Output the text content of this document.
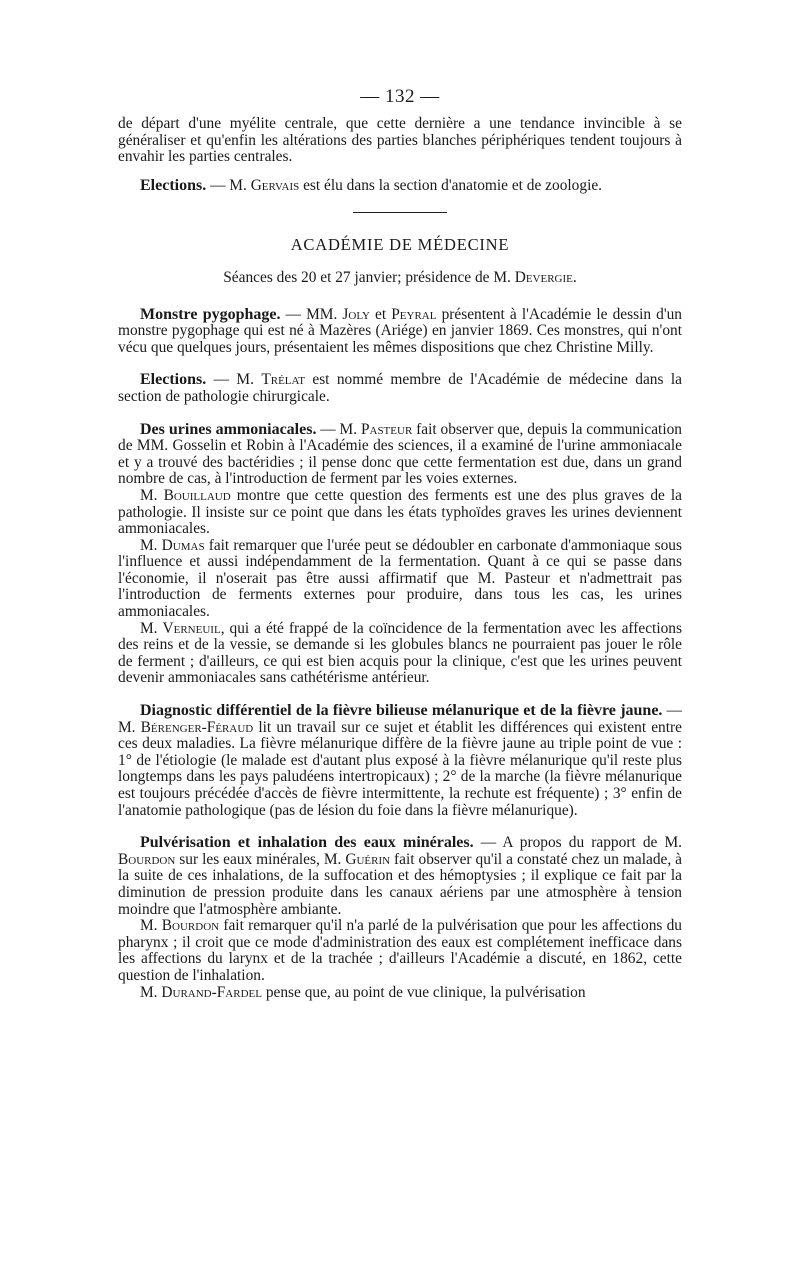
— 132 —

de départ d'une myélite centrale, que cette dernière a une tendance invincible à se généraliser et qu'enfin les altérations des parties blanches périphériques tendent toujours à envahir les parties centrales.

Elections. — M. Gervais est élu dans la section d'anatomie et de zoologie.

ACADÉMIE DE MÉDECINE

Séances des 20 et 27 janvier; présidence de M. Devergie.

Monstre pygophage. — MM. Joly et Peyral présentent à l'Académie le dessin d'un monstre pygophage qui est né à Mazères (Ariége) en janvier 1869. Ces monstres, qui n'ont vécu que quelques jours, présentaient les mêmes dispositions que chez Christine Milly.

Elections. — M. Trélat est nommé membre de l'Académie de médecine dans la section de pathologie chirurgicale.

Des urines ammoniacales. — M. Pasteur fait observer que, depuis la communication de MM. Gosselin et Robin à l'Académie des sciences, il a examiné de l'urine ammoniacale et y a trouvé des bactéridies ; il pense donc que cette fermentation est due, dans un grand nombre de cas, à l'introduction de ferment par les voies externes.

M. Bouillaud montre que cette question des ferments est une des plus graves de la pathologie. Il insiste sur ce point que dans les états typhoïdes graves les urines deviennent ammoniacales.

M. Dumas fait remarquer que l'urée peut se dédoubler en carbonate d'ammoniaque sous l'influence et aussi indépendamment de la fermentation. Quant à ce qui se passe dans l'économie, il n'oserait pas être aussi affirmatif que M. Pasteur et n'admettrait pas l'introduction de ferments externes pour produire, dans tous les cas, les urines ammoniacales.

M. Verneuil, qui a été frappé de la coïncidence de la fermentation avec les affections des reins et de la vessie, se demande si les globules blancs ne pourraient pas jouer le rôle de ferment ; d'ailleurs, ce qui est bien acquis pour la clinique, c'est que les urines peuvent devenir ammoniacales sans cathétérisme antérieur.

Diagnostic différentiel de la fièvre bilieuse mélanurique et de la fièvre jaune. — M. Bérenger-Féraud lit un travail sur ce sujet et établit les différences qui existent entre ces deux maladies. La fièvre mélanurique diffère de la fièvre jaune au triple point de vue : 1° de l'étiologie (le malade est d'autant plus exposé à la fièvre mélanurique qu'il reste plus longtemps dans les pays paludéens intertropicaux) ; 2° de la marche (la fièvre mélanurique est toujours précédée d'accès de fièvre intermittente, la rechute est fréquente) ; 3° enfin de l'anatomie pathologique (pas de lésion du foie dans la fièvre mélanurique).

Pulvérisation et inhalation des eaux minérales. — A propos du rapport de M. Bourdon sur les eaux minérales, M. Guérin fait observer qu'il a constaté chez un malade, à la suite de ces inhalations, de la suffocation et des hémoptysies ; il explique ce fait par la diminution de pression produite dans les canaux aériens par une atmosphère à tension moindre que l'atmosphère ambiante.

M. Bourdon fait remarquer qu'il n'a parlé de la pulvérisation que pour les affections du pharynx ; il croit que ce mode d'administration des eaux est complétement inefficace dans les affections du larynx et de la trachée ; d'ailleurs l'Académie a discuté, en 1862, cette question de l'inhalation.

M. Durand-Fardel pense que, au point de vue clinique, la pulvérisation
